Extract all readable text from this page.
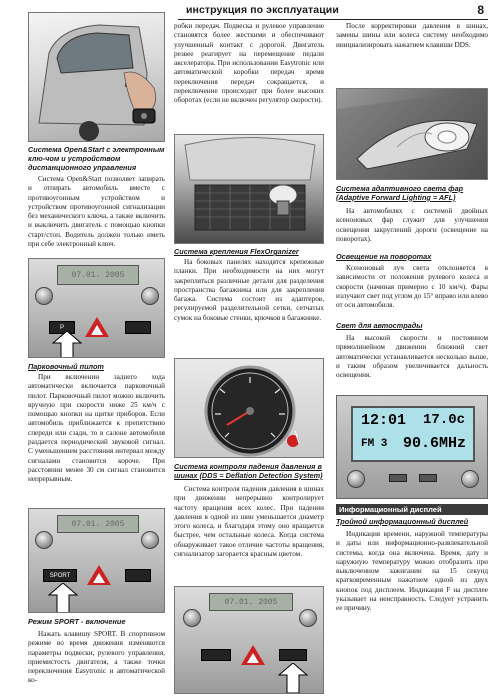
инструкция по эксплуатации	8
Система Open&Start с электронным клю-чом и устройством дистанционного управления

Система Open&Start позволяет запирать и отпирать автомобиль вместе с противоугонным устройством и устройством противоугонной сигнализации без механического ключа, а также включить и выключить двигатель с помощью кнопки старт/стоп. Водитель должен только иметь при себе электронный ключ.

07.01. 2005
P
Парковочный пилот

При включении заднего хода автоматически включается парковочный пилот. Парковочный пилот можно включить вручную при скорости ниже 25 км/ч с помощью кнопки на щитке приборов. Если автомобиль приближается к препятствию спереди или сзади, то в салоне автомобиля раздается периодический звуковой сигнал. С уменьшением расстояния интервал между сигналами становится короче. При расстоянии менее 30 см сигнал становится непрерывным.

07.01. 2005
SPORT
Режим SPORT - включение

Нажать клавишу SPORT. В спортивном режиме во время движения изменяются параметры подвески, рулевого управления, приемистость двигателя, а также точки переключения Easytronic и автоматической ко-

робки передач. Подвеска и рулевое управление становятся более жесткими и обеспечивают улучшенный контакт с дорогой. Двигатель резвее реагирует на перемещение педали акселератора. При использовании Easytronic или автоматической коробки передач время переключения передач сокращается, и переключение происходит при более высоких оборотах (если не включен регулятор скорости).

Система крепления FlexOrganizer

На боковых панелях находятся крепежные планки. При необходимости на них могут закрепляться различные детали для разделения пространства багажника или для закрепления багажа. Система состоит из адаптеров, регулируемой разделительной сетки, сетчатых сумок на боковые стенки, крючков в багажнике.

Система контроля падения давления в шинах (DDS = Deflation Detection System)

Система контроля падения давления в шинах при движении непрерывно контролирует частоту вращения всех колес. При падении давления в одной из шин уменьшается диаметр этого колеса, и благодаря этому оно вращается быстрее, чем остальные колеса. Когда система обнаруживает такое отличие частоты вращения, сигнализатор загорается красным цветом.

07.01. 2005

После корректировки давления в шинах, замены шины или колеса систему необходимо инициализировать нажатием клавиши DDS.

Система адаптивного света фар (Adaptive Forward Lighting = AFL)

На автомобилях с системой двойных ксеноновых фар служит для улучшения освещения закруглений дороги (освещение на поворотах).

Освещение на поворотах

Ксеноновый луч света отклоняется в зависимости от положения рулевого колеса и скорости (начиная примерно с 10 км/ч). Фары излучают свет под углом до 15° вправо или влево от оси автомобиля.

Свет для автострады

На высокой скорости и постоянном прямолинейном движении ближний свет автоматически устанавливается несколько выше, и таким образом увеличивается дальность освещения.

12:01 17.0c
FM 3 90.6MHz
Информационный дисплей
Тройной информационный дисплей

Индикация времени, наружной температуры и даты или информационно-развлекательной системы, когда она включена. Время, дату и наружную температуру можно отобразить при выключенном зажигании на 15 секунд кратковременным нажатием одной из двух кнопок под дисплеем. Индикация F на дисплее указывает на неисправность. Следует устранить ее причину.
